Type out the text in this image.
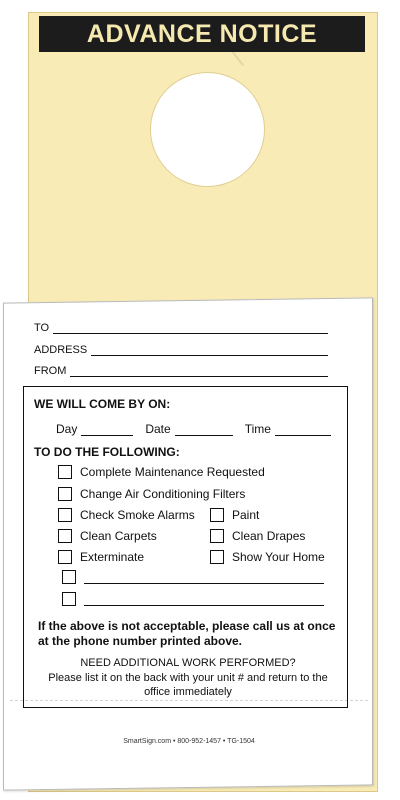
ADVANCE NOTICE
TO
ADDRESS
FROM
WE WILL COME BY ON:
Day	Date	Time
TO DO THE FOLLOWING:
Complete Maintenance Requested
Change Air Conditioning Filters
Check Smoke Alarms	Paint
Clean Carpets	Clean Drapes
Exterminate	Show Your Home
If the above is not acceptable, please call us at once at the phone number printed above.
NEED ADDITIONAL WORK PERFORMED?
Please list it on the back with your unit # and return to the office immediately
SmartSign.com • 800-952-1457 • TG-1504
